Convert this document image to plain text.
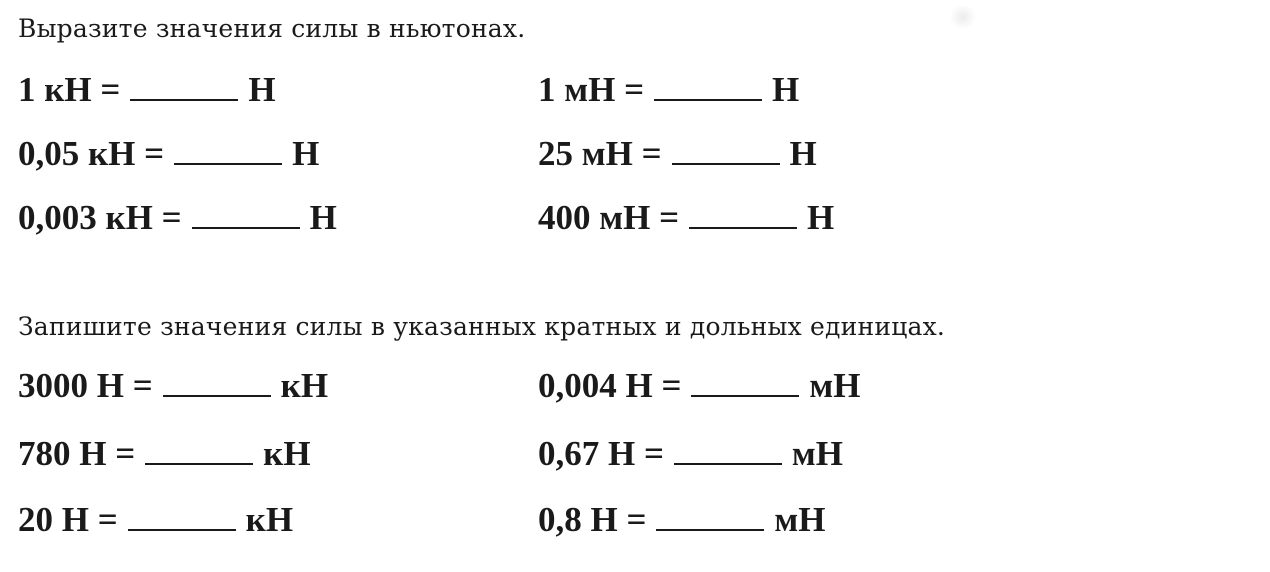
Выразите значения силы в ньютонах.
1 кН =	Н	1 мН =	Н
0,05 кН =	Н	25 мН =	Н
0,003 кН =	Н	400 мН =	Н
Запишите значения силы в указанных кратных и дольных единицах.
3000 Н =	кН	0,004 Н =	мН
780 Н =	кН	0,67 Н =	мН
20 Н =	кН	0,8 Н =	мН
